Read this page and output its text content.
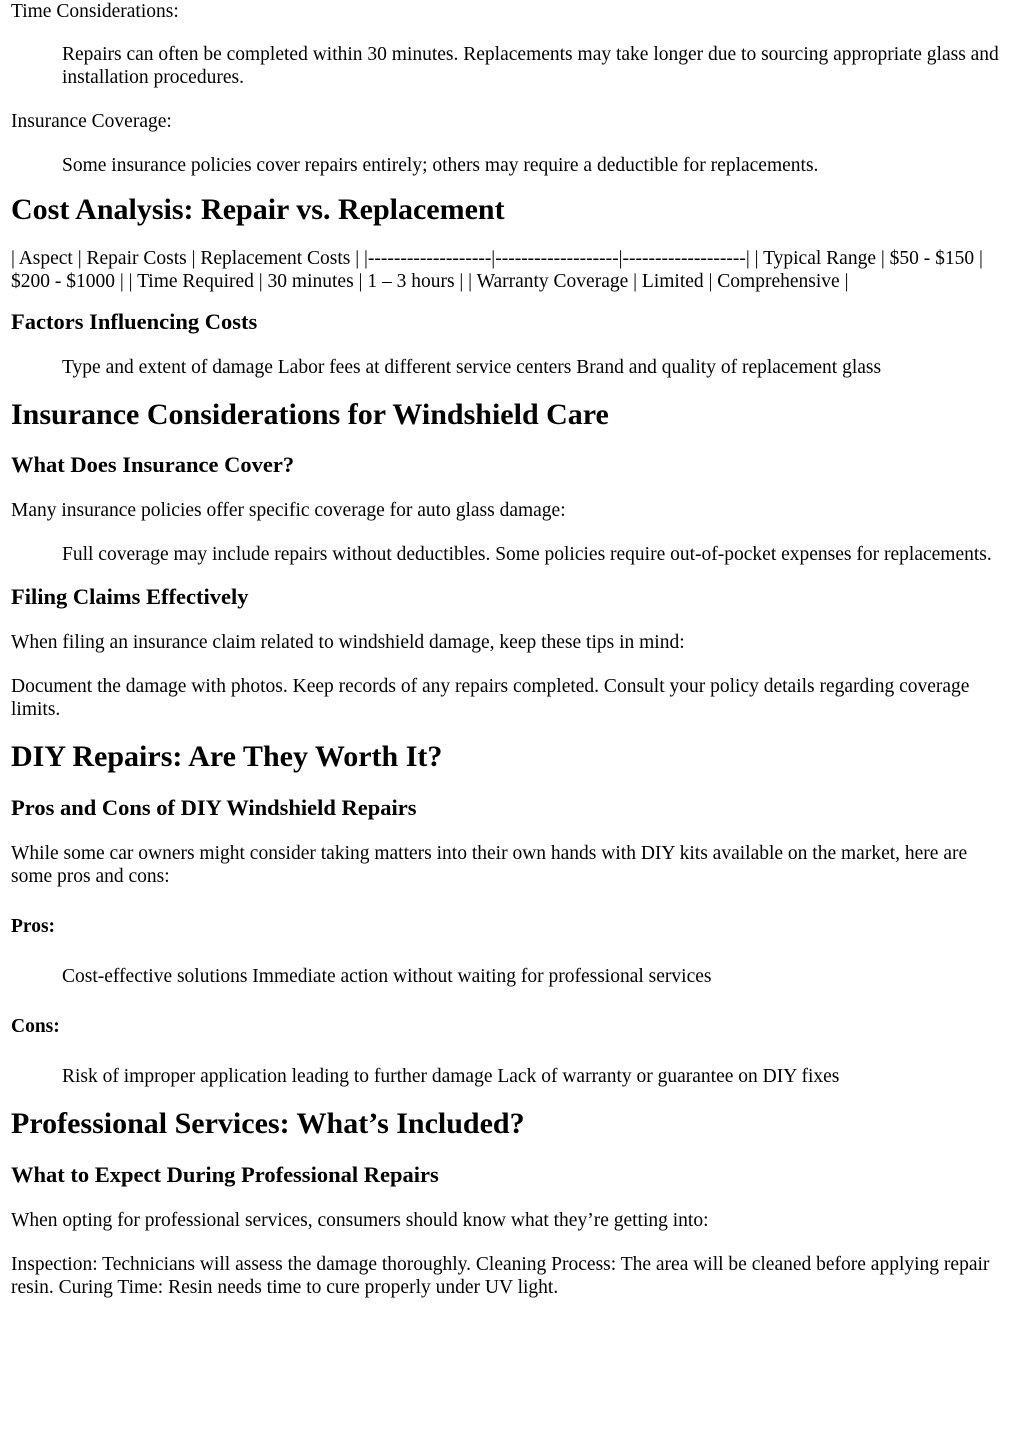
Time Considerations:

Repairs can often be completed within 30 minutes. Replacements may take longer due to sourcing appropriate glass and installation procedures.

Insurance Coverage:

Some insurance policies cover repairs entirely; others may require a deductible for replacements.

Cost Analysis: Repair vs. Replacement

| Aspect | Repair Costs | Replacement Costs | |-------------------|-------------------|-------------------| | Typical Range | $50 - $150 | $200 - $1000 | | Time Required | 30 minutes | 1 – 3 hours | | Warranty Coverage | Limited | Comprehensive |

Factors Influencing Costs

Type and extent of damage Labor fees at different service centers Brand and quality of replacement glass

Insurance Considerations for Windshield Care
What Does Insurance Cover?

Many insurance policies offer specific coverage for auto glass damage:

Full coverage may include repairs without deductibles. Some policies require out-of-pocket expenses for replacements.

Filing Claims Effectively

When filing an insurance claim related to windshield damage, keep these tips in mind:

Document the damage with photos. Keep records of any repairs completed. Consult your policy details regarding coverage limits.

DIY Repairs: Are They Worth It?
Pros and Cons of DIY Windshield Repairs

While some car owners might consider taking matters into their own hands with DIY kits available on the market, here are some pros and cons:

Pros:

Cost-effective solutions Immediate action without waiting for professional services

Cons:

Risk of improper application leading to further damage Lack of warranty or guarantee on DIY fixes

Professional Services: What’s Included?
What to Expect During Professional Repairs

When opting for professional services, consumers should know what they’re getting into:

Inspection: Technicians will assess the damage thoroughly. Cleaning Process: The area will be cleaned before applying repair resin. Curing Time: Resin needs time to cure properly under UV light.
